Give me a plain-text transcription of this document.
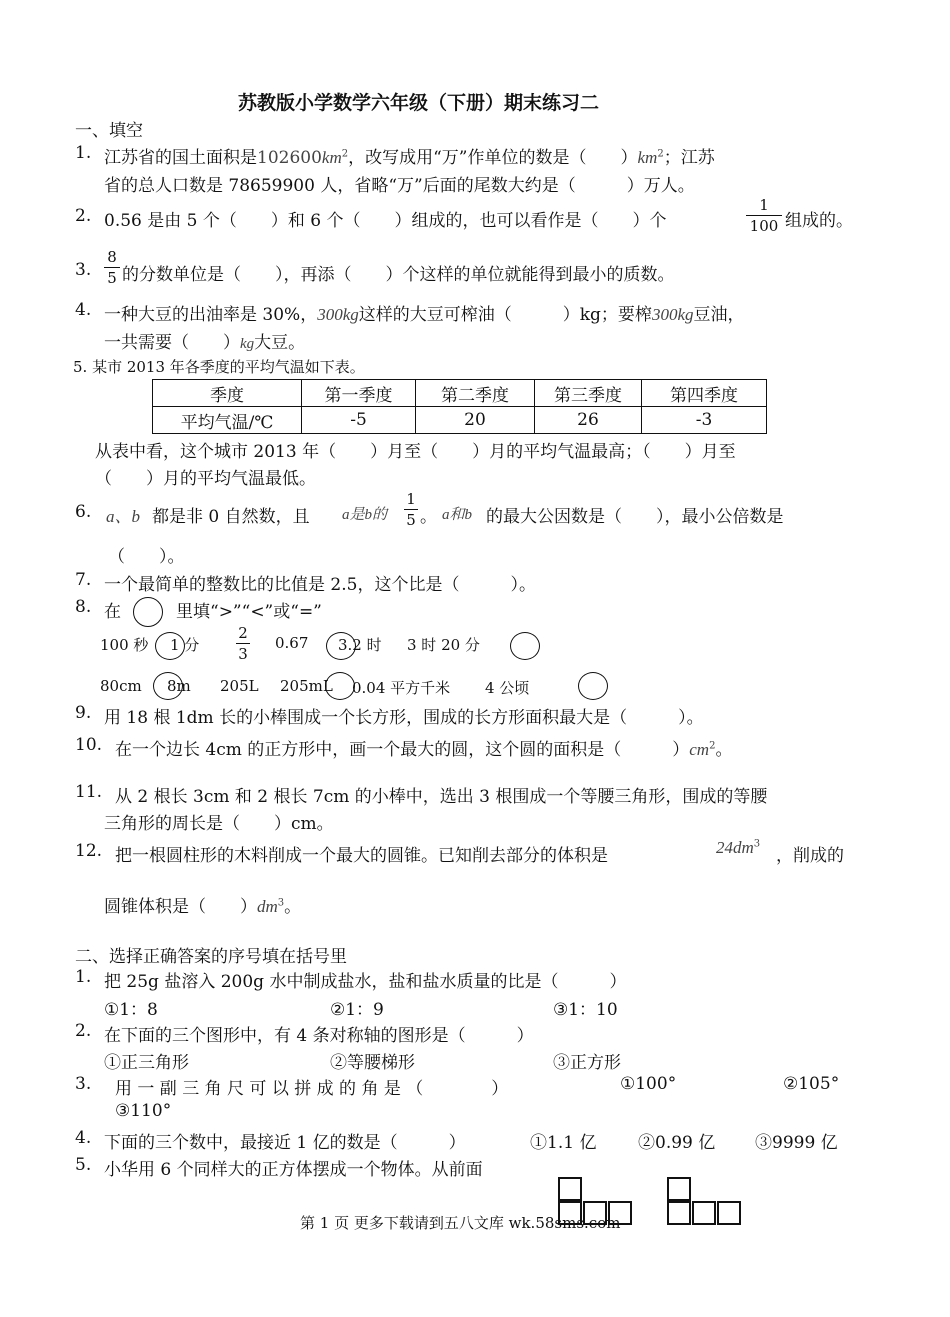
苏教版小学数学六年级（下册）期末练习二
一、填空
1. 江苏省的国土面积是$102600km^2$，改写成用“万”作单位的数是（　　）$km^2$；江苏
省的总人口数是 78659900 人，省略“万”后面的尾数大约是（　　　）万人。
2. 0.56 是由 5 个（　　）和 6 个（　　）组成的，也可以看作是（　　）个
1
100 组成的。
3.
8
5 的分数单位是（　　），再添（　　）个这样的单位就能得到最小的质数。
4. 一种大豆的出油率是 30%，300kg这样的大豆可榨油（　　　）kg；要榨300kg豆油，
一共需要（　　）kg大豆。
5. 某市 2013 年各季度的平均气温如下表。
季度	第一季度	第二季度	第三季度	第四季度
平均气温/℃	-5	20	26	-3
从表中看，这个城市 2013 年（　　）月至（　　）月的平均气温最高；（　　）月至
（　　）月的平均气温最低。
6. a、b 都是非 0 自然数，且 a是b的
1
5 。 a和b 的最大公因数是（　　），最小公倍数是
（　　）。
7. 一个最简单的整数比的比值是 2.5，这个比是（　　　）。
8. 在	里填“>”“<”或“=”
100 秒 1 分
2
3
0.67 3.2 时 3 时 20 分
80cm 8m 205L 205mL 0.04 平方千米 4 公顷
9. 用 18 根 1dm 长的小棒围成一个长方形，围成的长方形面积最大是（　　　）。
10. 在一个边长 4cm 的正方形中，画一个最大的圆，这个圆的面积是（　　　）$cm^2$。
11. 从 2 根长 3cm 和 2 根长 7cm 的小棒中，选出 3 根围成一个等腰三角形，围成的等腰
三角形的周长是（　　）cm。
12. 把一根圆柱形的木料削成一个最大的圆锥。已知削去部分的体积是	$24dm^3$
，削成的
圆锥体积是（　　）$dm^3$。
二、选择正确答案的序号填在括号里
1. 把 25g 盐溶入 200g 水中制成盐水，盐和盐水质量的比是（　　　）
①1：8	②1：9	③1：10
2. 在下面的三个图形中，有 4 条对称轴的图形是（　　　）
①正三角形	②等腰梯形	③正方形
3. 用 一 副 三 角 尺 可 以 拼 成 的 角 是 （　　　　）	①100°	②105°
③110°
4. 下面的三个数中，最接近 1 亿的数是（　　　）	①1.1 亿 ②0.99 亿 ③9999 亿
5. 小华用 6 个同样大的正方体摆成一个物体。从前面
第 1 页 更多下载请到五八文库 wk.58sms.com
